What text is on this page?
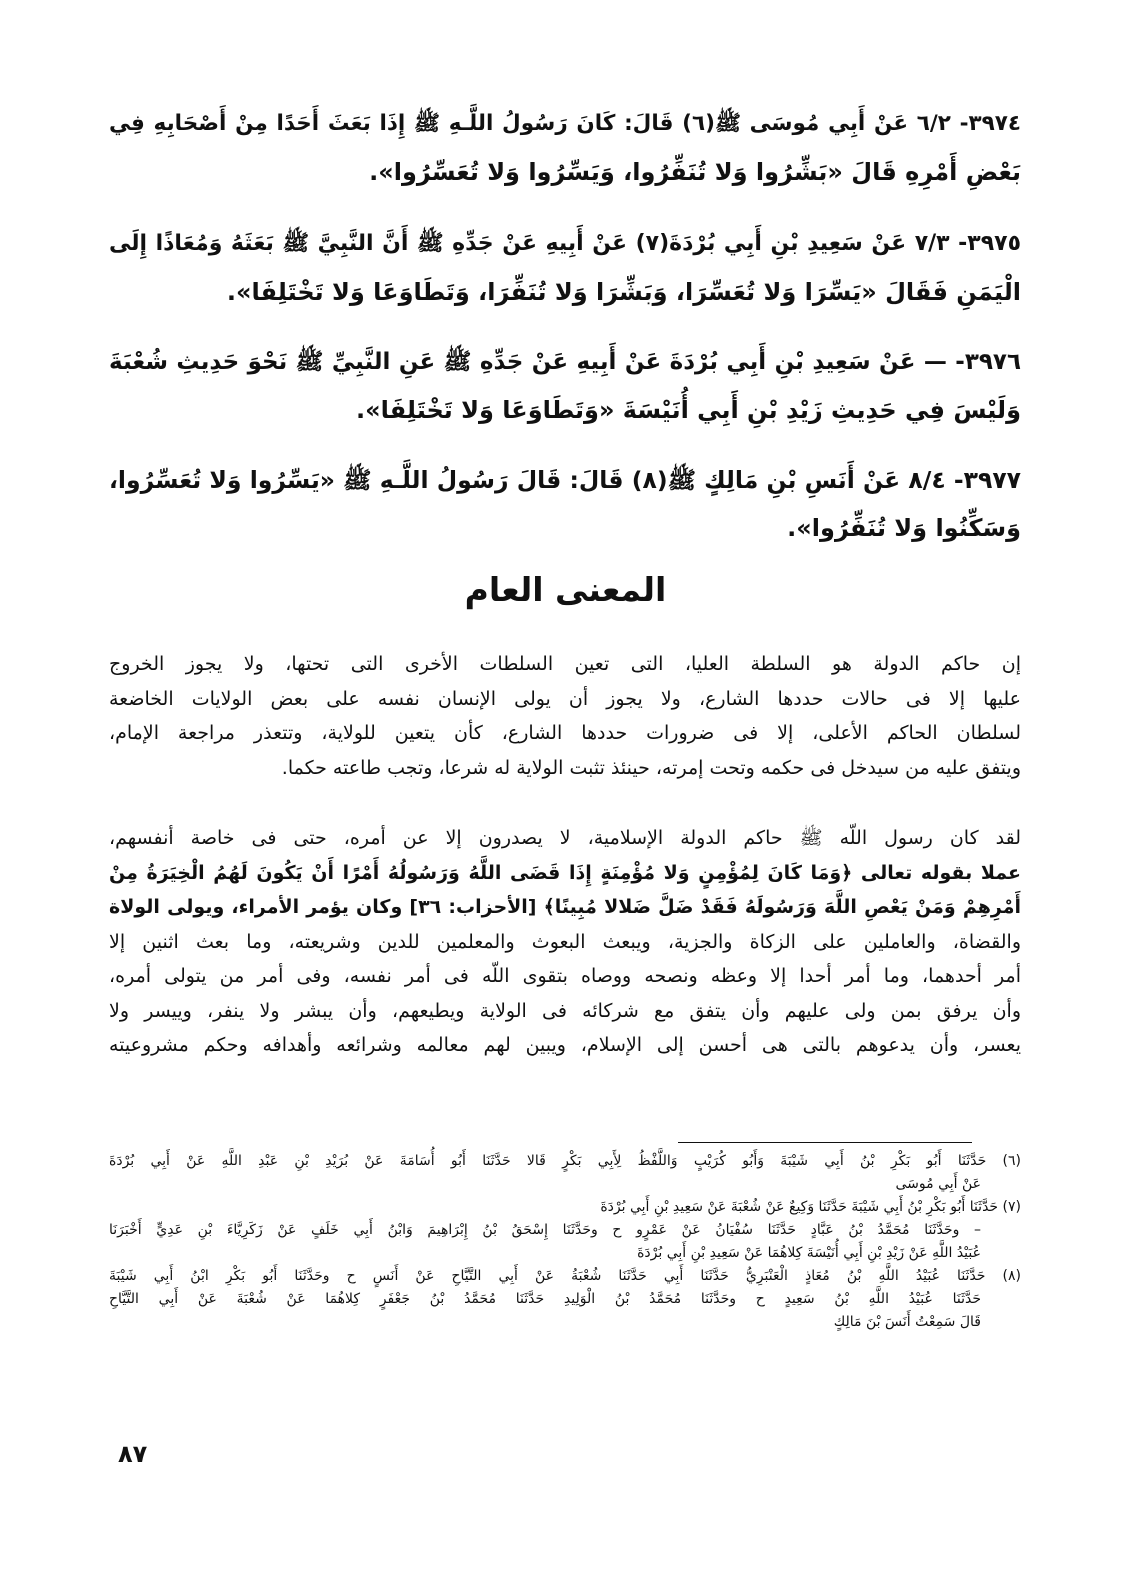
٣٩٧٤- ٦/٢ عَنْ أَبِي مُوسَى ﷺ(٦) قَالَ: كَانَ رَسُولُ اللَّـهِ ﷺ إِذَا بَعَثَ أَحَدًا مِنْ أَصْحَابِهِ فِي
بَعْضِ أَمْرِهِ قَالَ «بَشِّرُوا وَلا تُنَفِّرُوا، وَيَسِّرُوا وَلا تُعَسِّرُوا».
٣٩٧٥- ٧/٣ عَنْ سَعِيدِ بْنِ أَبِي بُرْدَةَ(٧) عَنْ أَبِيهِ عَنْ جَدِّهِ ﷺ أَنَّ النَّبِيَّ ﷺ بَعَثَهُ وَمُعَاذًا إِلَى
الْيَمَنِ فَقَالَ «يَسِّرَا وَلا تُعَسِّرَا، وَبَشِّرَا وَلا تُنَفِّرَا، وَتَطَاوَعَا وَلا تَخْتَلِفَا».
٣٩٧٦- — عَنْ سَعِيدِ بْنِ أَبِي بُرْدَةَ عَنْ أَبِيهِ عَنْ جَدِّهِ ﷺ عَنِ النَّبِيِّ ﷺ نَحْوَ حَدِيثِ شُعْبَةَ
وَلَيْسَ فِي حَدِيثِ زَيْدِ بْنِ أَبِي أُنَيْسَةَ «وَتَطَاوَعَا وَلا تَخْتَلِفَا».
٣٩٧٧- ٨/٤ عَنْ أَنَسِ بْنِ مَالِكٍ ﷺ(٨) قَالَ: قَالَ رَسُولُ اللَّـهِ ﷺ «يَسِّرُوا وَلا تُعَسِّرُوا،
وَسَكِّنُوا وَلا تُنَفِّرُوا».
المعنى العام
إن حاكم الدولة هو السلطة العليا، التى تعين السلطات الأخرى التى تحتها، ولا يجوز الخروج
عليها إلا فى حالات حددها الشارع، ولا يجوز أن يولى الإنسان نفسه على بعض الولايات الخاضعة
لسلطان الحاكم الأعلى، إلا فى ضرورات حددها الشارع، كأن يتعين للولاية، وتتعذر مراجعة الإمام،
ويتفق عليه من سيدخل فى حكمه وتحت إمرته، حينئذ تثبت الولاية له شرعا، وتجب طاعته حكما.
لقد كان رسول اللّه ﷺ حاكم الدولة الإسلامية، لا يصدرون إلا عن أمره، حتى فى خاصة أنفسهم،
عملا بقوله تعالى ﴿وَمَا كَانَ لِمُؤْمِنٍ وَلا مُؤْمِنَةٍ إِذَا قَضَى اللَّهُ وَرَسُولُهُ أَمْرًا أَنْ يَكُونَ لَهُمُ الْخِيَرَةُ مِنْ
أَمْرِهِمْ وَمَنْ يَعْصِ اللَّهَ وَرَسُولَهُ فَقَدْ ضَلَّ ضَلالا مُبِينًا﴾ [الأحزاب: ٣٦] وكان يؤمر الأمراء، ويولى الولاة
والقضاة، والعاملين على الزكاة والجزية، ويبعث البعوث والمعلمين للدين وشريعته، وما بعث اثنين إلا
أمر أحدهما، وما أمر أحدا إلا وعظه ونصحه ووصاه بتقوى اللّه فى أمر نفسه، وفى أمر من يتولى أمره،
وأن يرفق بمن ولى عليهم وأن يتفق مع شركائه فى الولاية ويطيعهم، وأن يبشر ولا ينفر، وييسر ولا
يعسر، وأن يدعوهم بالتى هى أحسن إلى الإسلام، ويبين لهم معالمه وشرائعه وأهدافه وحكم مشروعيته
(٦) حَدَّثَنَا أَبُو بَكْرِ بْنُ أَبِي شَيْبَةَ وَأَبُو كُرَيْبٍ وَاللَّفْظُ لِأَبِي بَكْرٍ قَالا حَدَّثَنَا أَبُو أُسَامَةَ عَنْ بُرَيْدِ بْنِ عَبْدِ اللَّهِ عَنْ أَبِي بُرْدَةَ
عَنْ أَبِي مُوسَى
(٧) حَدَّثَنَا أَبُو بَكْرِ بْنُ أَبِي شَيْبَةَ حَدَّثَنَا وَكِيعٌ عَنْ شُعْبَةَ عَنْ سَعِيدِ بْنِ أَبِي بُرْدَةَ
– وحَدَّثَنَا مُحَمَّدُ بْنُ عَبَّادٍ حَدَّثَنَا سُفْيَانُ عَنْ عَمْرٍو ح وحَدَّثَنَا إِسْحَقُ بْنُ إِبْرَاهِيمَ وَابْنُ أَبِي خَلَفٍ عَنْ زَكَرِيَّاءَ بْنِ عَدِيٍّ أَخْبَرَنَا
عُبَيْدُ اللَّهِ عَنْ زَيْدِ بْنِ أَبِي أُنَيْسَةَ كِلاهُمَا عَنْ سَعِيدِ بْنِ أَبِي بُرْدَةَ
(٨) حَدَّثَنَا عُبَيْدُ اللَّهِ بْنُ مُعَاذٍ الْعَنْبَرِيُّ حَدَّثَنَا أَبِي حَدَّثَنَا شُعْبَةُ عَنْ أَبِي التَّيَّاحِ عَنْ أَنَسٍ ح وحَدَّثَنَا أَبُو بَكْرِ ابْنُ أَبِي شَيْبَةَ
حَدَّثَنَا عُبَيْدُ اللَّهِ بْنُ سَعِيدٍ ح وحَدَّثَنَا مُحَمَّدُ بْنُ الْوَلِيدِ حَدَّثَنَا مُحَمَّدُ بْنُ جَعْفَرٍ كِلاهُمَا عَنْ شُعْبَةَ عَنْ أَبِي التَّيَّاحِ
قَالَ سَمِعْتُ أَنَسَ بْنَ مَالِكٍ
٨٧
